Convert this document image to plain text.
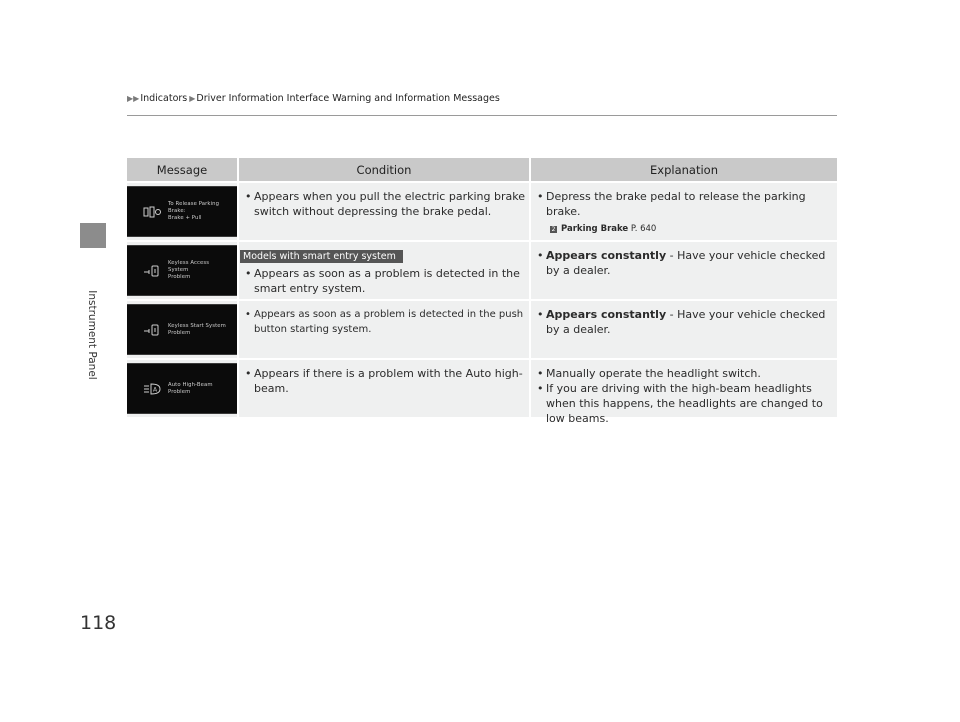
Instrument Panel
118
▶▶Indicators ▶Driver Information Interface Warning and Information Messages
Message	Condition	Explanation
To Release Parking Brake:
Brake + Pull
• Appears when you pull the electric parking brake switch without depressing the brake pedal.
• Depress the brake pedal to release the parking brake.
2 Parking Brake P. 640
Keyless Access System
Problem
Models with smart entry system
• Appears as soon as a problem is detected in the smart entry system.
• Appears constantly - Have your vehicle checked by a dealer.
Keyless Start System
Problem
• Appears as soon as a problem is detected in the push button starting system.
• Appears constantly - Have your vehicle checked by a dealer.
A
Auto High-Beam Problem
• Appears if there is a problem with the Auto high-beam.
• Manually operate the headlight switch.
• If you are driving with the high-beam headlights when this happens, the headlights are changed to low beams.
